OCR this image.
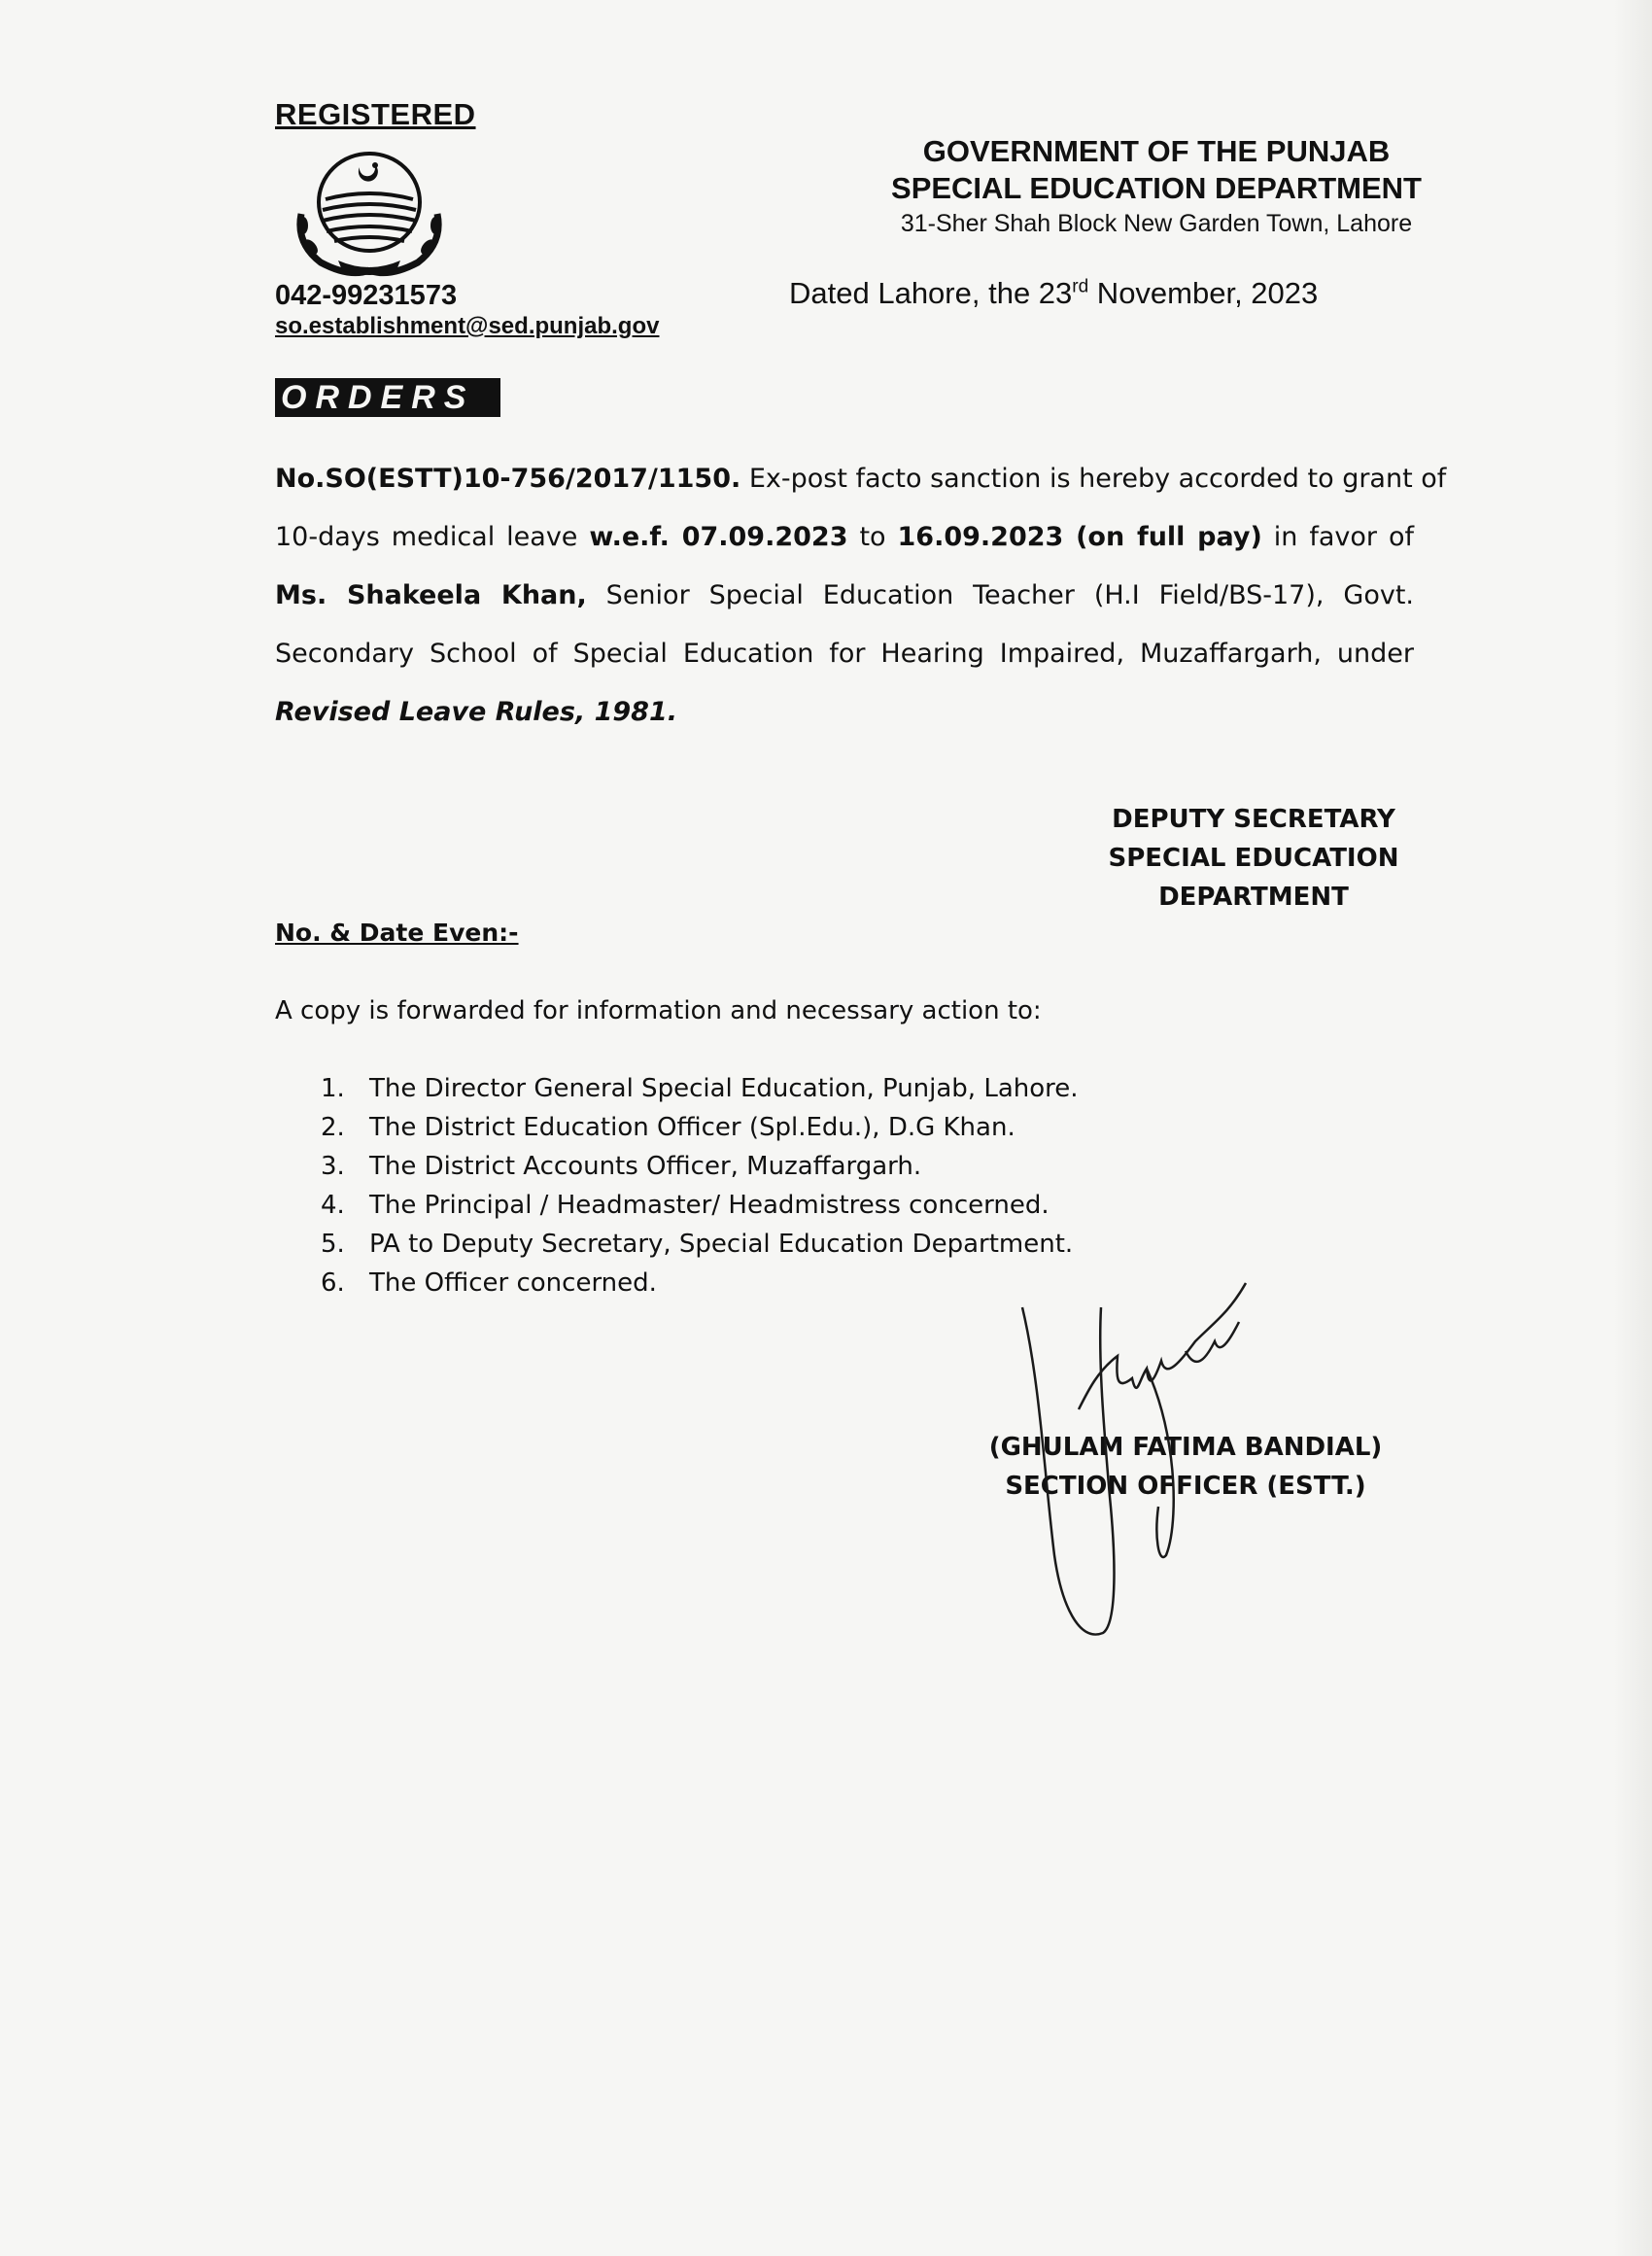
REGISTERED
042-99231573
so.establishment@sed.punjab.gov
GOVERNMENT OF THE PUNJAB
SPECIAL EDUCATION DEPARTMENT
31-Sher Shah Block New Garden Town, Lahore
Dated Lahore, the 23rd November, 2023
ORDERS
No.SO(ESTT)10-756/2017/1150. Ex-post facto sanction is hereby accorded to grant of
10-days medical leave w.e.f. 07.09.2023 to 16.09.2023 (on full pay) in favor of
Ms. Shakeela Khan, Senior Special Education Teacher (H.I Field/BS-17), Govt.
Secondary School of Special Education for Hearing Impaired, Muzaffargarh, under
Revised Leave Rules, 1981.
DEPUTY SECRETARY
SPECIAL EDUCATION
DEPARTMENT
No. & Date Even:-
A copy is forwarded for information and necessary action to:
1. The Director General Special Education, Punjab, Lahore.
2. The District Education Officer (Spl.Edu.), D.G Khan.
3. The District Accounts Officer, Muzaffargarh.
4. The Principal / Headmaster/ Headmistress concerned.
5. PA to Deputy Secretary, Special Education Department.
6. The Officer concerned.
(GHULAM FATIMA BANDIAL)
SECTION OFFICER (ESTT.)
